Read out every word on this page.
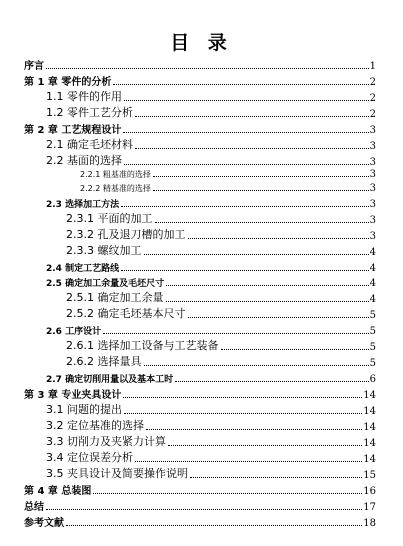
目 录
序言	1
第 1 章 零件的分析	2
1.1 零件的作用	2
1.2 零件工艺分析	2
第 2 章 工艺规程设计	3
2.1 确定毛坯材料	3
2.2 基面的选择	3
2.2.1 粗基准的选择	3
2.2.2 精基准的选择	3
2.3 选择加工方法	3
2.3.1 平面的加工	3
2.3.2 孔及退刀槽的加工	3
2.3.3 螺纹加工	4
2.4 制定工艺路线	4
2.5 确定加工余量及毛坯尺寸	4
2.5.1 确定加工余量	4
2.5.2 确定毛坯基本尺寸	5
2.6 工序设计	5
2.6.1 选择加工设备与工艺装备	5
2.6.2 选择量具	5
2.7 确定切削用量以及基本工时	6
第 3 章 专业夹具设计	14
3.1 问题的提出	14
3.2 定位基准的选择	14
3.3 切削力及夹紧力计算	14
3.4 定位误差分析	14
3.5 夹具设计及简要操作说明	15
第 4 章 总装图	16
总结	17
参考文献	18
